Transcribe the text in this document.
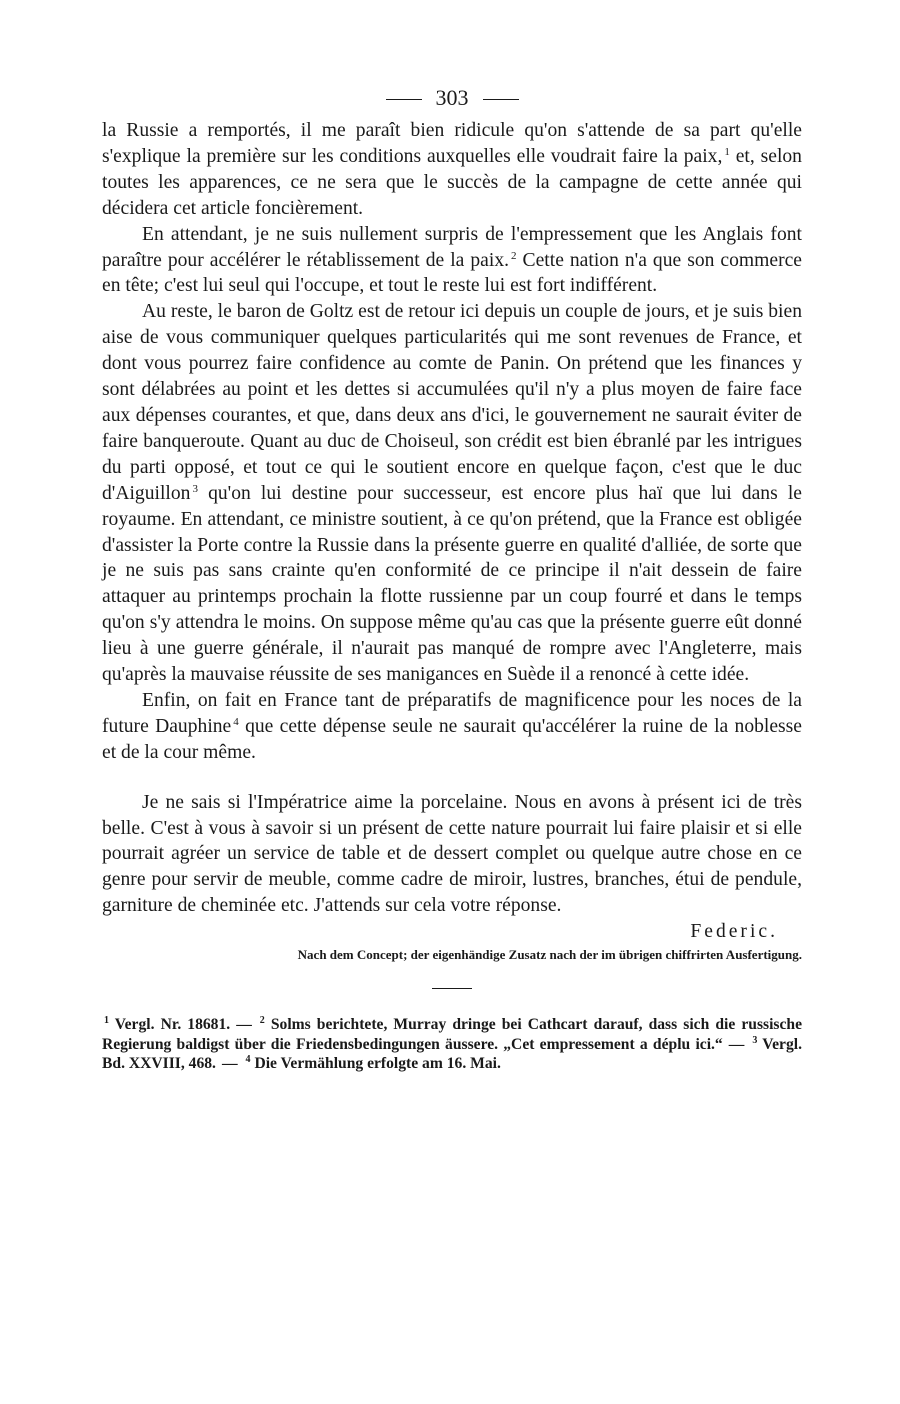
303

la Russie a remportés, il me paraît bien ridicule qu'on s'attende de sa part qu'elle s'explique la première sur les conditions auxquelles elle voudrait faire la paix, $^1$ et, selon toutes les apparences, ce ne sera que le succès de la campagne de cette année qui décidera cet article foncièrement.

En attendant, je ne suis nullement surpris de l'empressement que les Anglais font paraître pour accélérer le rétablissement de la paix. $^2$ Cette nation n'a que son commerce en tête; c'est lui seul qui l'occupe, et tout le reste lui est fort indifférent.

Au reste, le baron de Goltz est de retour ici depuis un couple de jours, et je suis bien aise de vous communiquer quelques particularités qui me sont revenues de France, et dont vous pourrez faire confidence au comte de Panin. On prétend que les finances y sont délabrées au point et les dettes si accumulées qu'il n'y a plus moyen de faire face aux dépenses courantes, et que, dans deux ans d'ici, le gouvernement ne saurait éviter de faire banqueroute. Quant au duc de Choiseul, son crédit est bien ébranlé par les intrigues du parti opposé, et tout ce qui le soutient encore en quelque façon, c'est que le duc d'Aiguillon $^3$ qu'on lui destine pour successeur, est encore plus haï que lui dans le royaume. En attendant, ce ministre soutient, à ce qu'on prétend, que la France est obligée d'assister la Porte contre la Russie dans la présente guerre en qualité d'alliée, de sorte que je ne suis pas sans crainte qu'en conformité de ce principe il n'ait dessein de faire attaquer au printemps prochain la flotte russienne par un coup fourré et dans le temps qu'on s'y attendra le moins. On suppose même qu'au cas que la présente guerre eût donné lieu à une guerre générale, il n'aurait pas manqué de rompre avec l'Angleterre, mais qu'après la mauvaise réussite de ses manigances en Suède il a renoncé à cette idée.

Enfin, on fait en France tant de préparatifs de magnificence pour les noces de la future Dauphine $^4$ que cette dépense seule ne saurait qu'accélérer la ruine de la noblesse et de la cour même.

Je ne sais si l'Impératrice aime la porcelaine. Nous en avons à présent ici de très belle. C'est à vous à savoir si un présent de cette nature pourrait lui faire plaisir et si elle pourrait agréer un service de table et de dessert complet ou quelque autre chose en ce genre pour servir de meuble, comme cadre de miroir, lustres, branches, étui de pendule, garniture de cheminée etc. J'attends sur cela votre réponse.

Federic.
Nach dem Concept; der eigenhändige Zusatz nach der im übrigen chiffrirten Ausfertigung.
$^1$ Vergl. Nr. 18681. — $^2$ Solms berichtete, Murray dringe bei Cathcart darauf, dass sich die russische Regierung baldigst über die Friedensbedingungen äussere. „Cet empressement a déplu ici.“ — $^3$ Vergl. Bd. XXVIII, 468. — $^4$ Die Vermählung erfolgte am 16. Mai.
